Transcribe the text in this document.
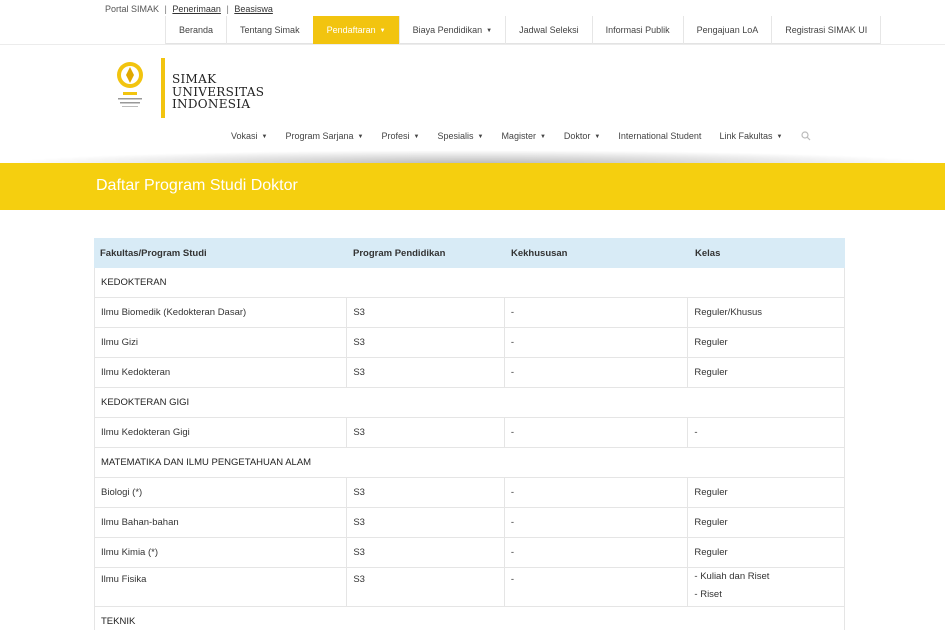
Portal SIMAK | Penerimaan | Beasiswa
Beranda	Tentang Simak	Pendaftaran ▼	Biaya Pendidikan ▼	Jadwal Seleksi	Informasi Publik	Pengajuan LoA	Registrasi SIMAK UI
SIMAK
UNIVERSITAS
INDONESIA
Vokasi ▼	Program Sarjana ▼	Profesi ▼	Spesialis ▼	Magister ▼	Doktor ▼	International Student	Link Fakultas ▼
Daftar Program Studi Doktor
Fakultas/Program Studi	Program Pendidikan	Kekhususan	Kelas
KEDOKTERAN
Ilmu Biomedik (Kedokteran Dasar)	S3	-	Reguler/Khusus
Ilmu Gizi	S3	-	Reguler
Ilmu Kedokteran	S3	-	Reguler
KEDOKTERAN GIGI
Ilmu Kedokteran Gigi	S3	-	-
MATEMATIKA DAN ILMU PENGETAHUAN ALAM
Biologi (*)	S3	-	Reguler
Ilmu Bahan-bahan	S3	-	Reguler
Ilmu Kimia (*)	S3	-	Reguler
Ilmu Fisika	S3	-	- Kuliah dan Riset
- Riset
TEKNIK
